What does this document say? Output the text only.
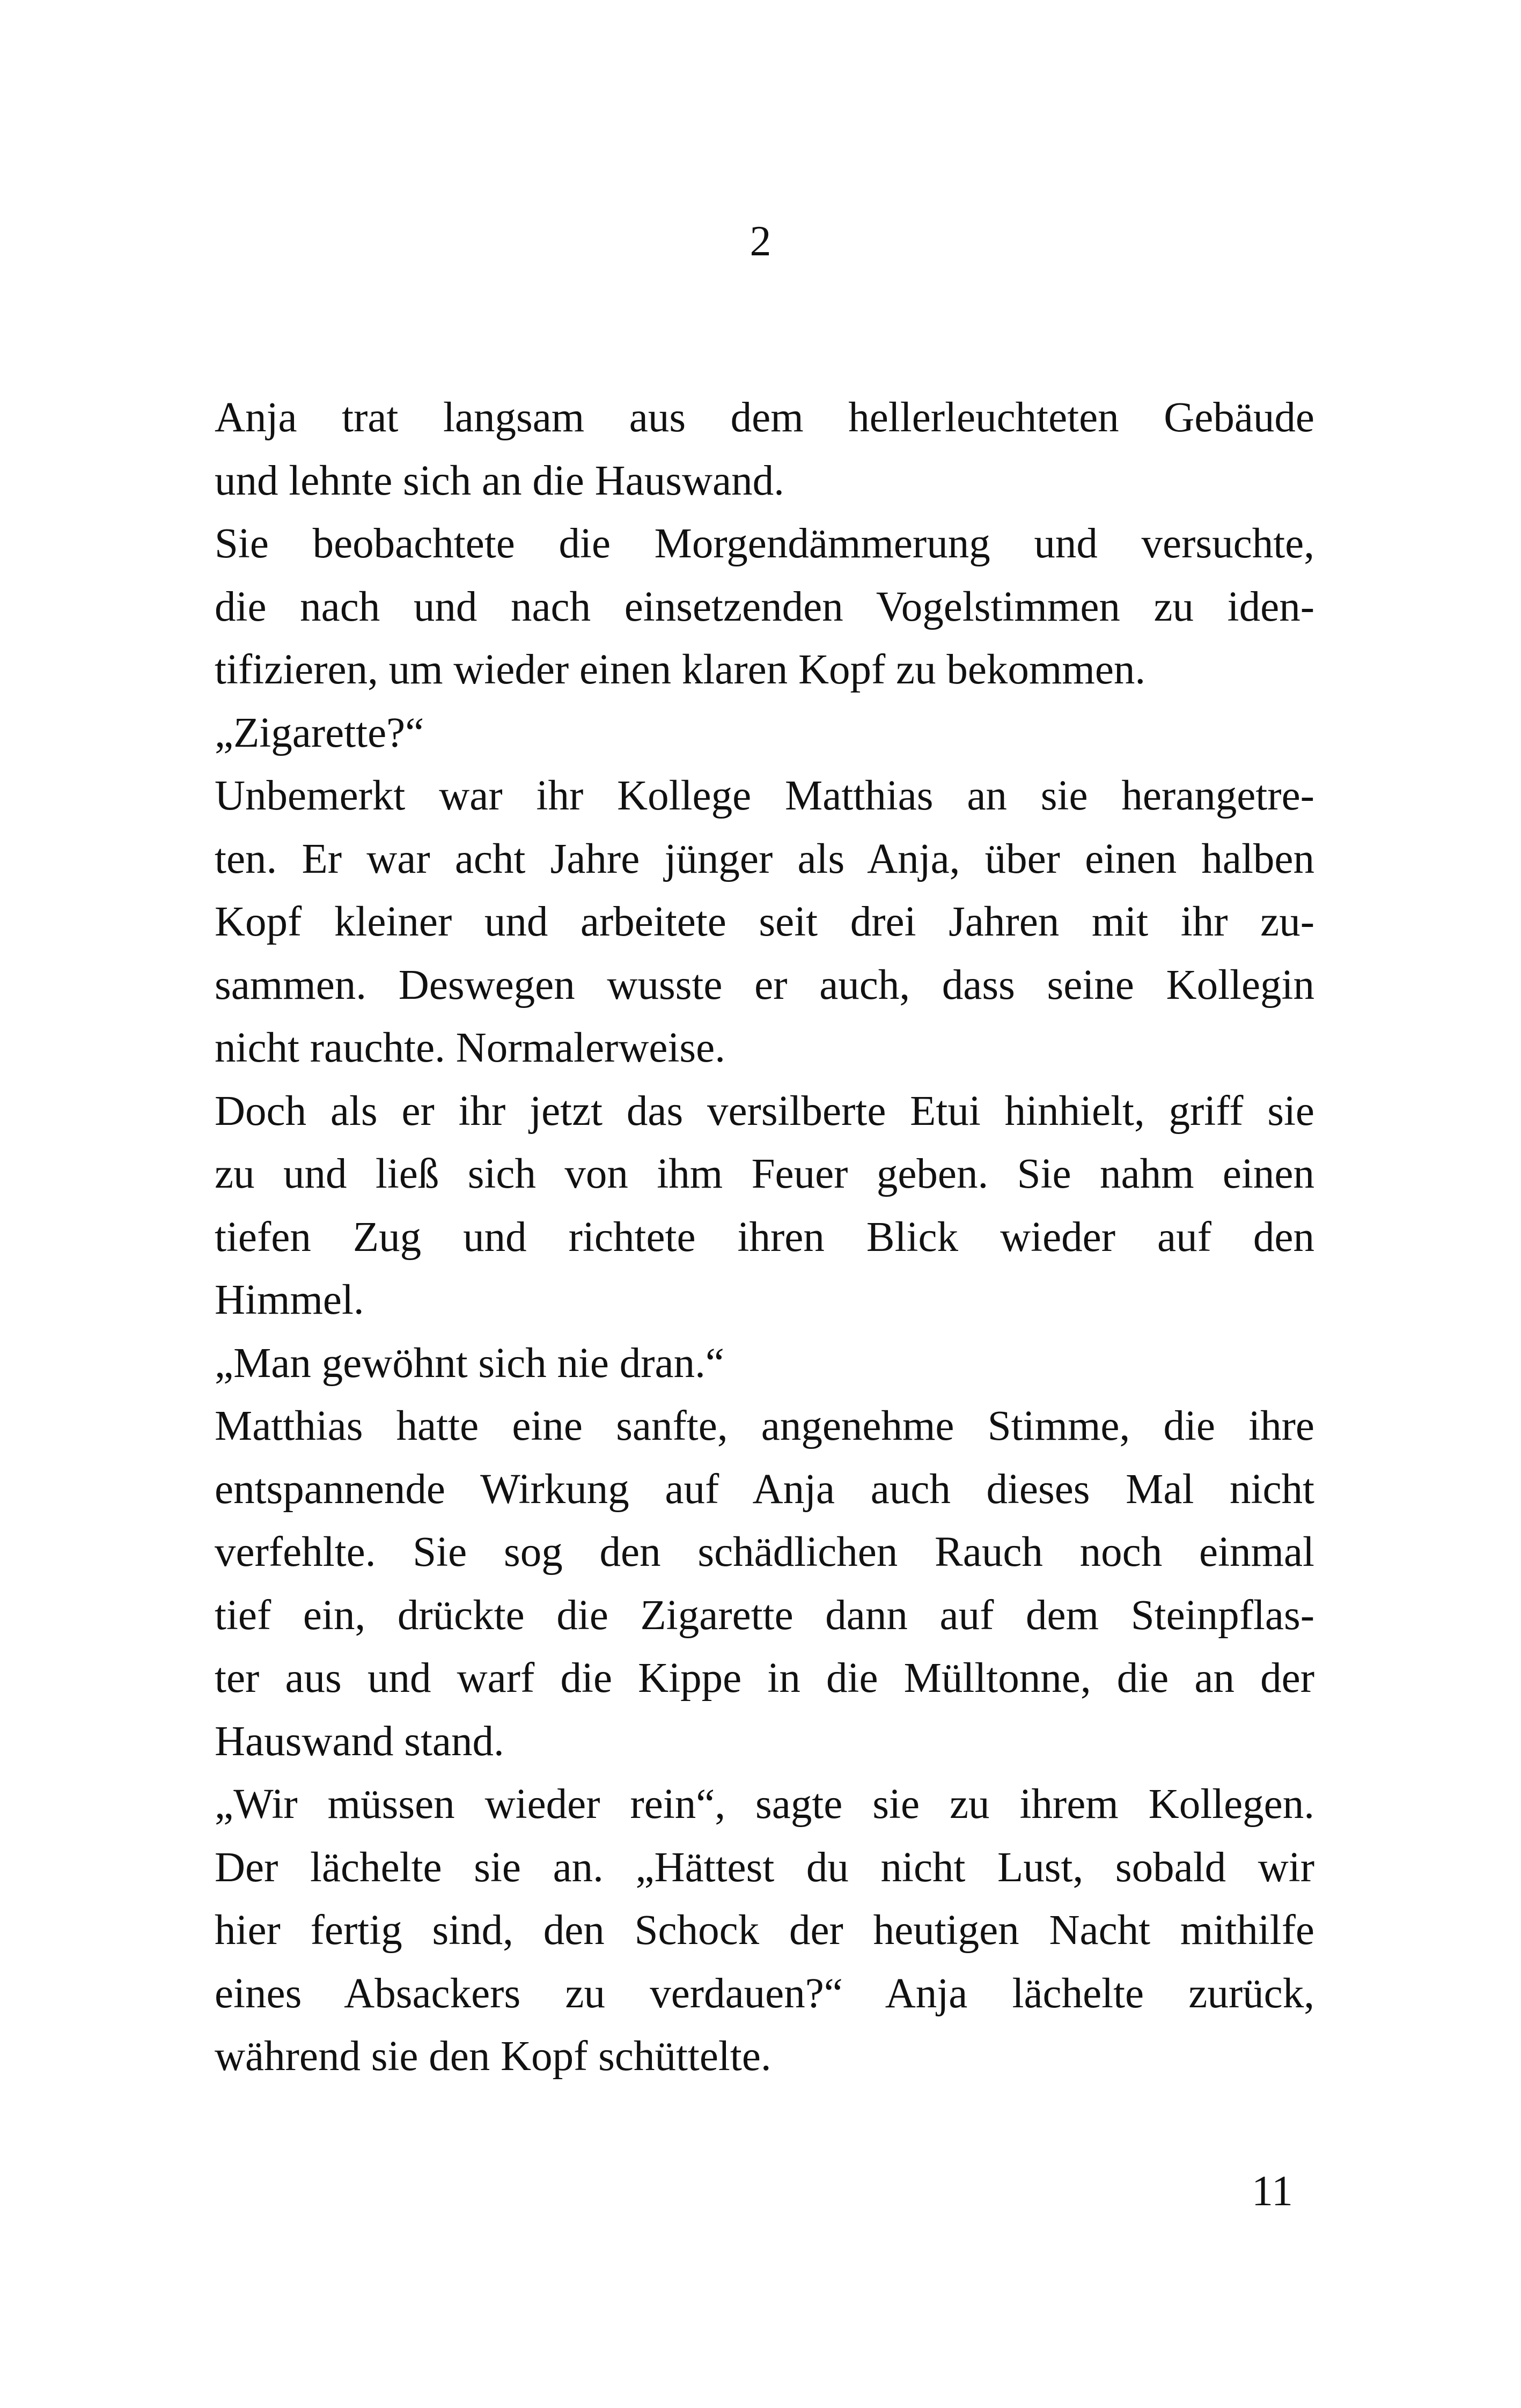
2
Anja trat langsam aus dem hellerleuchteten Gebäude
und lehnte sich an die Hauswand.
Sie beobachtete die Morgendämmerung und versuchte,
die nach und nach einsetzenden Vogelstimmen zu iden-
tifizieren, um wieder einen klaren Kopf zu bekommen.
„Zigarette?“
Unbemerkt war ihr Kollege Matthias an sie herangetre-
ten. Er war acht Jahre jünger als Anja, über einen halben
Kopf kleiner und arbeitete seit drei Jahren mit ihr zu-
sammen. Deswegen wusste er auch, dass seine Kollegin
nicht rauchte. Normalerweise.
Doch als er ihr jetzt das versilberte Etui hinhielt, griff sie
zu und ließ sich von ihm Feuer geben. Sie nahm einen
tiefen Zug und richtete ihren Blick wieder auf den
Himmel.
„Man gewöhnt sich nie dran.“
Matthias hatte eine sanfte, angenehme Stimme, die ihre
entspannende Wirkung auf Anja auch dieses Mal nicht
verfehlte. Sie sog den schädlichen Rauch noch einmal
tief ein, drückte die Zigarette dann auf dem Steinpflas-
ter aus und warf die Kippe in die Mülltonne, die an der
Hauswand stand.
„Wir müssen wieder rein“, sagte sie zu ihrem Kollegen.
Der lächelte sie an. „Hättest du nicht Lust, sobald wir
hier fertig sind, den Schock der heutigen Nacht mithilfe
eines Absackers zu verdauen?“ Anja lächelte zurück,
während sie den Kopf schüttelte.
11
